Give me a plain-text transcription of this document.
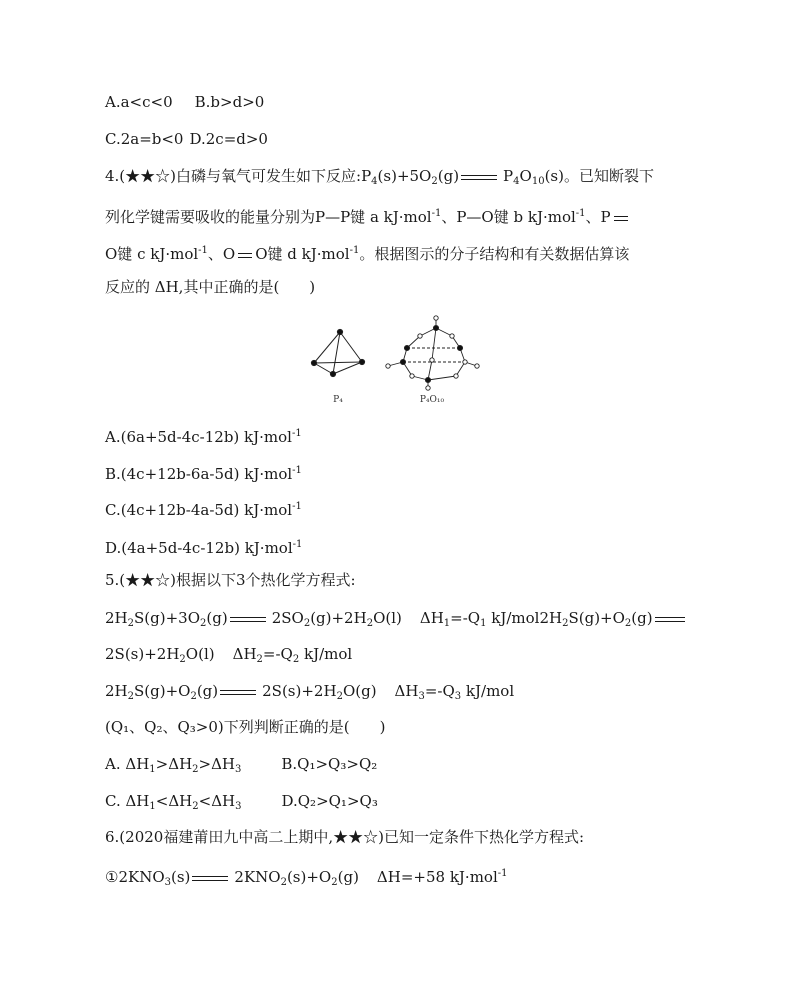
A.a<c<0 B.b>d>0
C.2a=b<0 D.2c=d>0
4.(★★☆)白磷与氧气可发生如下反应$:P_4(s)+5O_2(g)$	$P_4O_{10}(s)$。已知断裂下
列化学键需要吸收的能量分别为P—P键 a kJ·mol$^{-1}$、P—O键 b kJ·mol$^{-1}$、P
O键 c kJ·mol$^{-1}$、O O键 d kJ·mol$^{-1}$。根据图示的分子结构和有关数据估算该
反应的 ΔH,其中正确的是(　　)
P₄	P₄O₁₀
A.(6a+5d-4c-12b) kJ·mol$^{-1}$
B.(4c+12b-6a-5d) kJ·mol$^{-1}$
C.(4c+12b-4a-5d) kJ·mol$^{-1}$
D.(4a+5d-4c-12b) kJ·mol$^{-1}$
5.(★★☆)根据以下3个热化学方程式:
$2H_2S(g)+3O_2(g)$	$2SO_2(g)+2H_2O(l)$ $\Delta H_1=-Q_1$ $kJ/mol2H_2S(g)+O_2(g)$
$2S(s)+2H_2O(l)$ $\Delta H_2=-Q_2$ kJ/mol
$2H_2S(g)+O_2(g)$	$2S(s)+2H_2O(g)$ $\Delta H_3=-Q_3$ kJ/mol
(Q₁、Q₂、Q₃>0)下列判断正确的是(　　)
A. $\Delta H_1>\Delta H_2>\Delta H_3$	B.Q₁>Q₃>Q₂
C. $\Delta H_1<\Delta H_2<\Delta H_3$	D.Q₂>Q₁>Q₃
6.(2020福建莆田九中高二上期中,★★☆)已知一定条件下热化学方程式:
$①2KNO_3(s)$	$2KNO_2(s)+O_2(g)$ ΔH=+58 kJ·mol$^{-1}$
